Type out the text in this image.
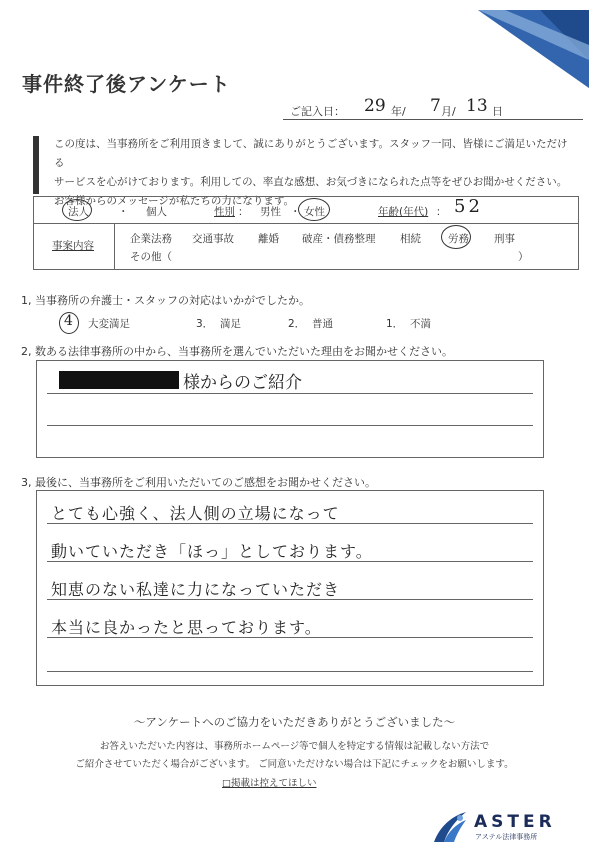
事件終了後アンケート
ご記入日： 29 年/ 7 月/ 13 日
この度は、当事務所をご利用頂きまして、誠にありがとうございます。スタッフ一同、皆様にご満足いただける
サービスを心がけております。利用しての、率直な感想、お気づきになられた点等をぜひお聞かせください。
お客様からのメッセージが私たちの力になります。
法人	・ 個人	性別 ： 男性 ・ 女性	年齢(年代) ： 52
事案内容
企業法務 交通事故 離婚 破産・債務整理 相続	労務 刑事
その他（	）
1, 当事務所の弁護士・スタッフの対応はいかがでしたか。
4 大変満足	3． 満足	2． 普通	1． 不満
2, 数ある法律事務所の中から、当事務所を選んでいただいた理由をお聞かせください。
様からのご紹介
3, 最後に、当事務所をご利用いただいてのご感想をお聞かせください。
とても心強く、法人側の立場になって
動いていただき「ほっ」としております。
知恵のない私達に力になっていただき
本当に良かったと思っております。
～アンケートへのご協力をいただきありがとうございました～
お答えいただいた内容は、事務所ホームページ等で個人を特定する情報は記載しない方法で
ご紹介させていただく場合がございます。 ご同意いただけない場合は下記にチェックをお願いします。
□掲載は控えてほしい
ASTER
アステル法律事務所
